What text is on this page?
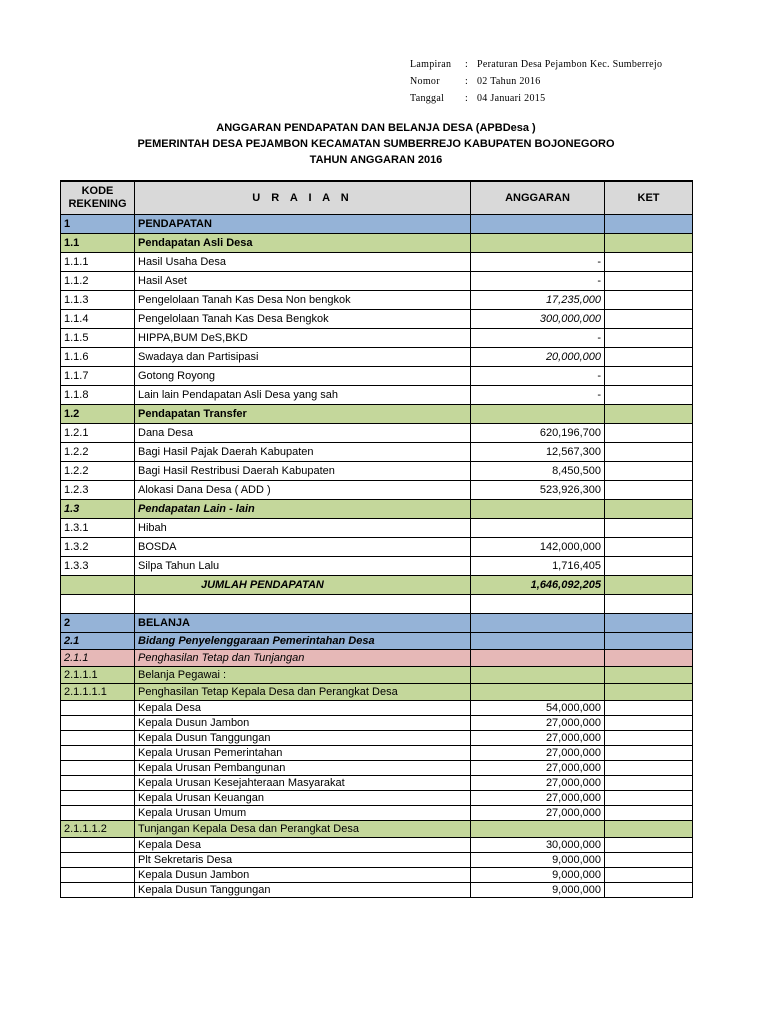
Lampiran	: Peraturan Desa Pejambon Kec. Sumberrejo
Nomor	: 02 Tahun 2016
Tanggal	: 04 Januari 2015
ANGGARAN PENDAPATAN DAN BELANJA DESA (APBDesa )
PEMERINTAH DESA PEJAMBON KECAMATAN SUMBERREJO KABUPATEN BOJONEGORO
TAHUN ANGGARAN 2016
KODE
REKENING	U R A I A N	ANGGARAN	KET
1	PENDAPATAN		
1.1	Pendapatan Asli Desa		
1.1.1	Hasil Usaha Desa	-	
1.1.2	Hasil Aset	-	
1.1.3	Pengelolaan Tanah Kas Desa Non bengkok	17,235,000	
1.1.4	Pengelolaan Tanah Kas Desa Bengkok	300,000,000	
1.1.5	HIPPA,BUM DeS,BKD	-	
1.1.6	Swadaya dan Partisipasi	20,000,000	
1.1.7	Gotong Royong	-	
1.1.8	Lain lain Pendapatan Asli Desa yang sah	-	
1.2	Pendapatan Transfer		
1.2.1	Dana Desa	620,196,700	
1.2.2	Bagi Hasil Pajak Daerah Kabupaten	12,567,300	
1.2.2	Bagi Hasil Restribusi Daerah Kabupaten	8,450,500	
1.2.3	Alokasi Dana Desa ( ADD )	523,926,300	
1.3	Pendapatan Lain - lain		
1.3.1	Hibah		
1.3.2	BOSDA	142,000,000	
1.3.3	Silpa Tahun Lalu	1,716,405	
	JUMLAH PENDAPATAN	1,646,092,205	

2	BELANJA		
2.1	Bidang Penyelenggaraan Pemerintahan Desa		
2.1.1	Penghasilan Tetap dan Tunjangan		
2.1.1.1	Belanja Pegawai :		
2.1.1.1.1	Penghasilan Tetap Kepala Desa dan Perangkat Desa		
	Kepala Desa	54,000,000	
	Kepala Dusun Jambon	27,000,000	
	Kepala Dusun Tanggungan	27,000,000	
	Kepala Urusan Pemerintahan	27,000,000	
	Kepala Urusan Pembangunan	27,000,000	
	Kepala Urusan Kesejahteraan Masyarakat	27,000,000	
	Kepala Urusan Keuangan	27,000,000	
	Kepala Urusan Umum	27,000,000	
2.1.1.1.2	Tunjangan Kepala Desa dan Perangkat Desa		
	Kepala Desa	30,000,000	
	Plt Sekretaris Desa	9,000,000	
	Kepala Dusun Jambon	9,000,000	
	Kepala Dusun Tanggungan	9,000,000	
